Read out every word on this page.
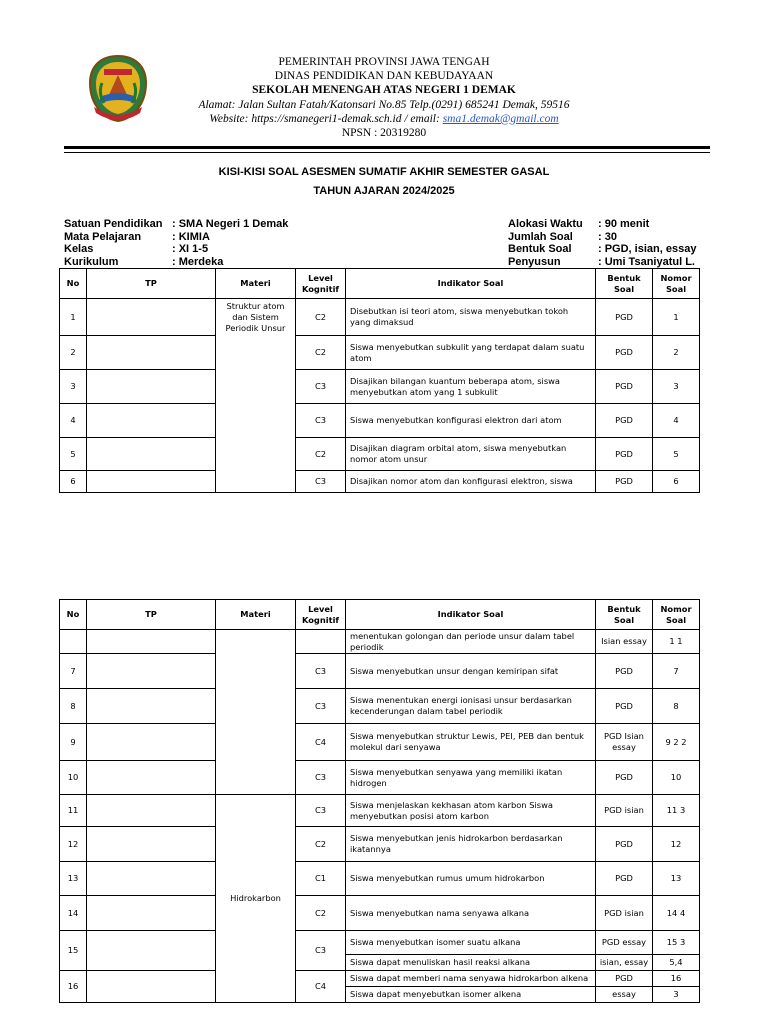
PEMERINTAH PROVINSI JAWA TENGAH
DINAS PENDIDIKAN DAN KEBUDAYAAN
SEKOLAH MENENGAH ATAS NEGERI 1 DEMAK
Alamat: Jalan Sultan Fatah/Katonsari No.85 Telp.(0291) 685241 Demak, 59516
Website: https://smanegeri1-demak.sch.id / email: sma1.demak@gmail.com
NPSN : 20319280
KISI-KISI SOAL ASESMEN SUMATIF AKHIR SEMESTER GASAL
TAHUN AJARAN 2024/2025
Satuan Pendidikan : SMA Negeri 1 Demak
Mata Pelajaran	: KIMIA
Kelas	: XI 1-5
Kurikulum	: Merdeka
Alokasi Waktu	: 90 menit
Jumlah Soal	: 30
Bentuk Soal	: PGD, isian, essay
Penyusun	: Umi Tsaniyatul L.
No	TP	Materi	Level Kognitif	Indikator Soal	Bentuk Soal	Nomor Soal
1		Struktur atom dan Sistem Periodik Unsur	C2	Disebutkan isi teori atom, siswa menyebutkan tokoh yang dimaksud	PGD	1
2			C2	Siswa menyebutkan subkulit yang terdapat dalam suatu atom	PGD	2
3			C3	Disajikan bilangan kuantum beberapa atom, siswa menyebutkan atom yang 1 subkulit	PGD	3
4			C3	Siswa menyebutkan konfigurasi elektron dari atom	PGD	4
5			C2	Disajikan diagram orbital atom, siswa menyebutkan nomor atom unsur	PGD	5
6			C3	Disajikan nomor atom dan konfigurasi elektron, siswa	PGD	6
No	TP	Materi	Level Kognitif	Indikator Soal	Bentuk Soal	Nomor Soal
				menentukan golongan dan periode unsur dalam tabel periodik	Isian essay	1 1
7			C3	Siswa menyebutkan unsur dengan kemiripan sifat	PGD	7
8			C3	Siswa menentukan energi ionisasi unsur berdasarkan kecenderungan dalam tabel periodik	PGD	8
9			C4	Siswa menyebutkan struktur Lewis, PEI, PEB dan bentuk molekul dari senyawa	PGD Isian essay	9 2 2
10			C3	Siswa menyebutkan senyawa yang memiliki ikatan hidrogen	PGD	10
11		Hidrokarbon	C3	Siswa menjelaskan kekhasan atom karbon Siswa menyebutkan posisi atom karbon	PGD isian	11 3
12			C2	Siswa menyebutkan jenis hidrokarbon berdasarkan ikatannya	PGD	12
13			C1	Siswa menyebutkan rumus umum hidrokarbon	PGD	13
14			C2	Siswa menyebutkan nama senyawa alkana	PGD isian	14 4
15			C3	Siswa menyebutkan isomer suatu alkana	PGD essay	15 3
				Siswa dapat menuliskan hasil reaksi alkana	isian, essay	5,4
16			C4	Siswa dapat memberi nama senyawa hidrokarbon alkena	PGD	16
				Siswa dapat menyebutkan isomer alkena	essay	3
